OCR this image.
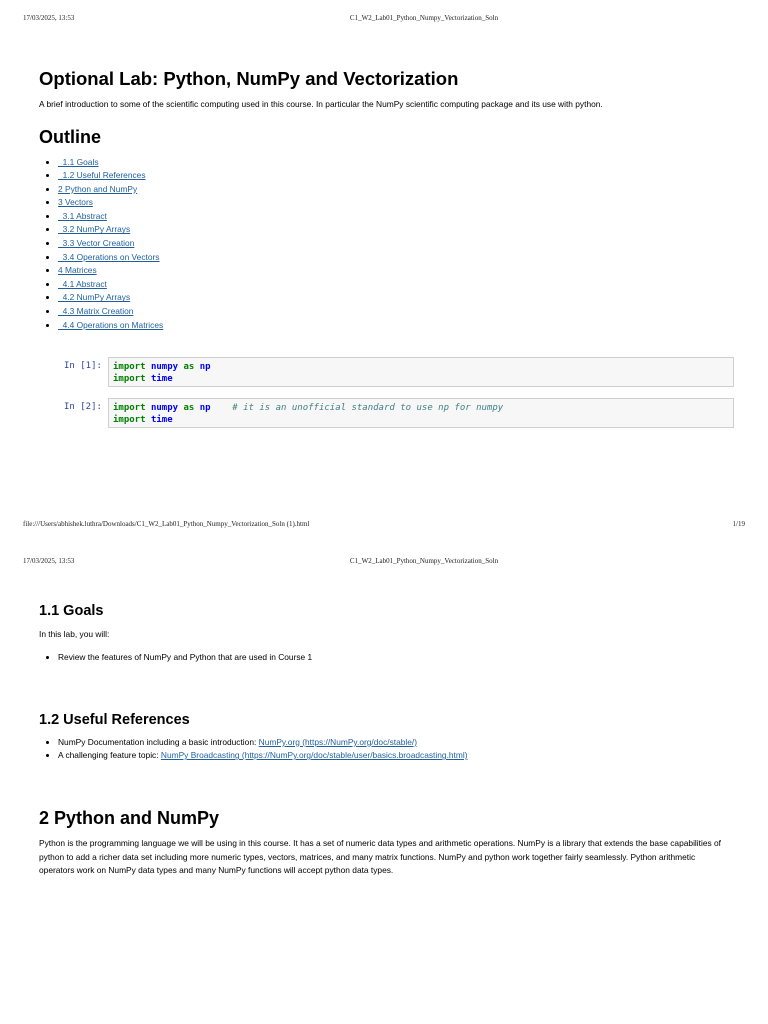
17/03/2025, 13:53	C1_W2_Lab01_Python_Numpy_Vectorization_Soln
Optional Lab: Python, NumPy and Vectorization

A brief introduction to some of the scientific computing used in this course. In particular the NumPy scientific computing package and its use with python.

Outline
•   1.1 Goals
•   1.2 Useful References
• 2 Python and NumPy
• 3 Vectors
•   3.1 Abstract
•   3.2 NumPy Arrays
•   3.3 Vector Creation
•   3.4 Operations on Vectors
• 4 Matrices
•   4.1 Abstract
•   4.2 NumPy Arrays
•   4.3 Matrix Creation
•   4.4 Operations on Matrices
In [1]: import numpy as np
import time
In [2]: import numpy as np # it is an unofficial standard to use np for numpy
import time
file:///Users/abhishek.luthra/Downloads/C1_W2_Lab01_Python_Numpy_Vectorization_Soln (1).html	1/19
17/03/2025, 13:53	C1_W2_Lab01_Python_Numpy_Vectorization_Soln
1.1 Goals

In this lab, you will:

• Review the features of NumPy and Python that are used in Course 1
1.2 Useful References
• NumPy Documentation including a basic introduction: NumPy.org (https://NumPy.org/doc/stable/)
• A challenging feature topic: NumPy Broadcasting (https://NumPy.org/doc/stable/user/basics.broadcasting.html)
2 Python and NumPy

Python is the programming language we will be using in this course. It has a set of numeric data types and arithmetic operations. NumPy is a library that extends the base capabilities of python to add a richer data set including more numeric types, vectors, matrices, and many matrix functions. NumPy and python work together fairly seamlessly. Python arithmetic operators work on NumPy data types and many NumPy functions will accept python data types.
